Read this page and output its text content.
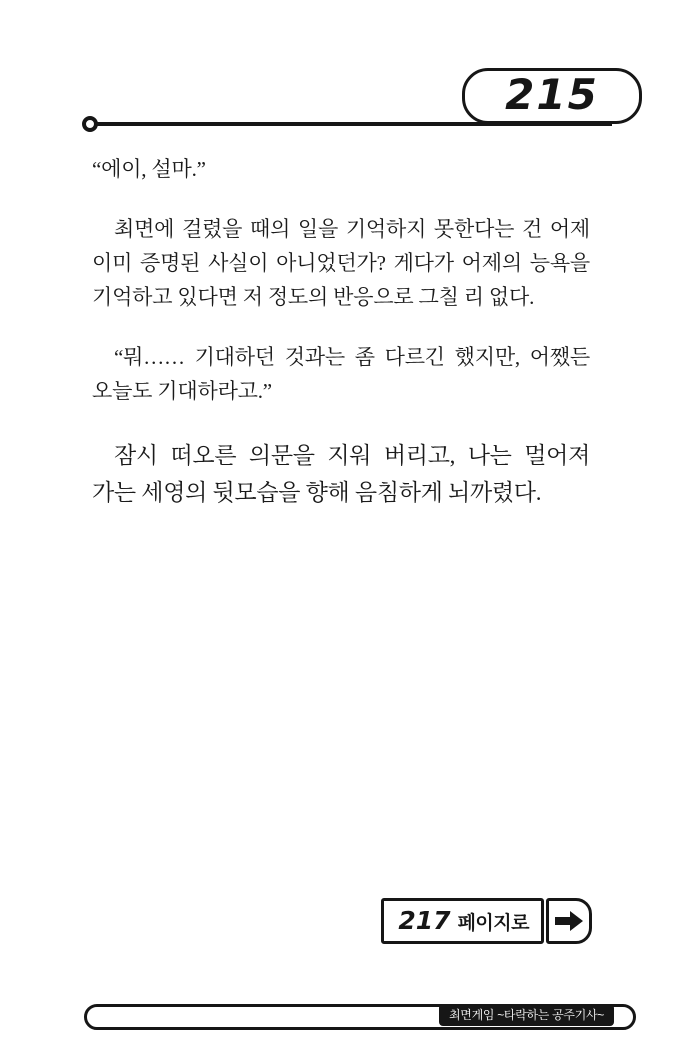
215

“에이, 설마.”

최면에 걸렸을 때의 일을 기억하지 못한다는 건 어제 이미 증명된 사실이 아니었던가? 게다가 어제의 능욕을 기억하고 있다면 저 정도의 반응으로 그칠 리 없다.

“뭐…… 기대하던 것과는 좀 다르긴 했지만, 어쨌든 오늘도 기대하라고.”

잠시 떠오른 의문을 지워 버리고, 나는 멀어져 가는 세영의 뒷모습을 향해 음침하게 뇌까렸다.

217 페이지로
최면게임 ~타락하는 공주기사~
